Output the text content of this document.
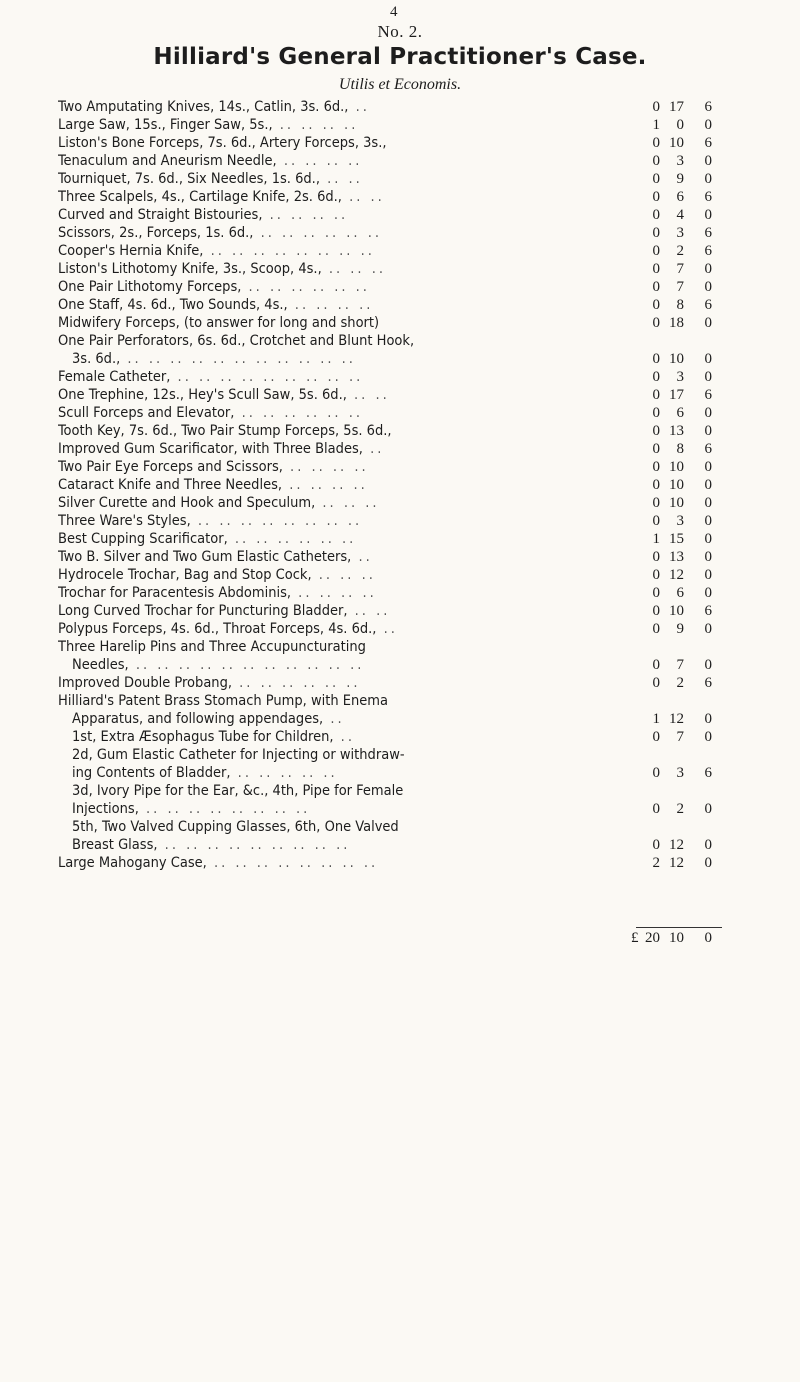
4
No. 2.
Hilliard's General Practitioner's Case.
Utilis et Economis.
Two Amputating Knives, 14s., Catlin, 3s. 6d., ..	0 17	6
Large Saw, 15s., Finger Saw, 5s., .. .. .. ..	1	0	0
Liston's Bone Forceps, 7s. 6d., Artery Forceps, 3s.,	0 10	6
Tenaculum and Aneurism Needle, .. .. .. ..	0	3	0
Tourniquet, 7s. 6d., Six Needles, 1s. 6d., .. ..	0	9	0
Three Scalpels, 4s., Cartilage Knife, 2s. 6d., .. ..	0	6	6
Curved and Straight Bistouries, .. .. .. ..	0	4	0
Scissors, 2s., Forceps, 1s. 6d., .. .. .. .. .. ..	0	3	6
Cooper's Hernia Knife, .. .. .. .. .. .. .. ..	0	2	6
Liston's Lithotomy Knife, 3s., Scoop, 4s., .. .. ..	0	7	0
One Pair Lithotomy Forceps, .. .. .. .. .. ..	0	7	0
One Staff, 4s. 6d., Two Sounds, 4s., .. .. .. ..	0	8	6
Midwifery Forceps, (to answer for long and short)	0 18	0
One Pair Perforators, 6s. 6d., Crotchet and Blunt Hook,
3s. 6d., .. .. .. .. .. .. .. .. .. .. ..	0 10	0
Female Catheter, .. .. .. .. .. .. .. .. ..	0	3	0
One Trephine, 12s., Hey's Scull Saw, 5s. 6d., .. ..	0 17	6
Scull Forceps and Elevator, .. .. .. .. .. ..	0	6	0
Tooth Key, 7s. 6d., Two Pair Stump Forceps, 5s. 6d.,	0 13	0
Improved Gum Scarificator, with Three Blades, ..	0	8	6
Two Pair Eye Forceps and Scissors, .. .. .. ..	0 10	0
Cataract Knife and Three Needles, .. .. .. ..	0 10	0
Silver Curette and Hook and Speculum, .. .. ..	0 10	0
Three Ware's Styles, .. .. .. .. .. .. .. ..	0	3	0
Best Cupping Scarificator, .. .. .. .. .. ..	1 15	0
Two B. Silver and Two Gum Elastic Catheters, ..	0 13	0
Hydrocele Trochar, Bag and Stop Cock, .. .. ..	0 12	0
Trochar for Paracentesis Abdominis, .. .. .. ..	0	6	0
Long Curved Trochar for Puncturing Bladder, .. ..	0 10	6
Polypus Forceps, 4s. 6d., Throat Forceps, 4s. 6d., ..	0	9	0
Three Harelip Pins and Three Accupuncturating
Needles, .. .. .. .. .. .. .. .. .. .. ..	0	7	0
Improved Double Probang, .. .. .. .. .. ..	0	2	6
Hilliard's Patent Brass Stomach Pump, with Enema
Apparatus, and following appendages, ..	1 12	0
1st, Extra Æsophagus Tube for Children, ..	0	7	0
2d, Gum Elastic Catheter for Injecting or withdraw-
ing Contents of Bladder, .. .. .. .. ..	0	3	6
3d, Ivory Pipe for the Ear, &c., 4th, Pipe for Female
Injections, .. .. .. .. .. .. .. ..	0	2	0
5th, Two Valved Cupping Glasses, 6th, One Valved
Breast Glass, .. .. .. .. .. .. .. .. ..	0 12	0
Large Mahogany Case, .. .. .. .. .. .. .. ..	2 12	0
£ 20 10	0
